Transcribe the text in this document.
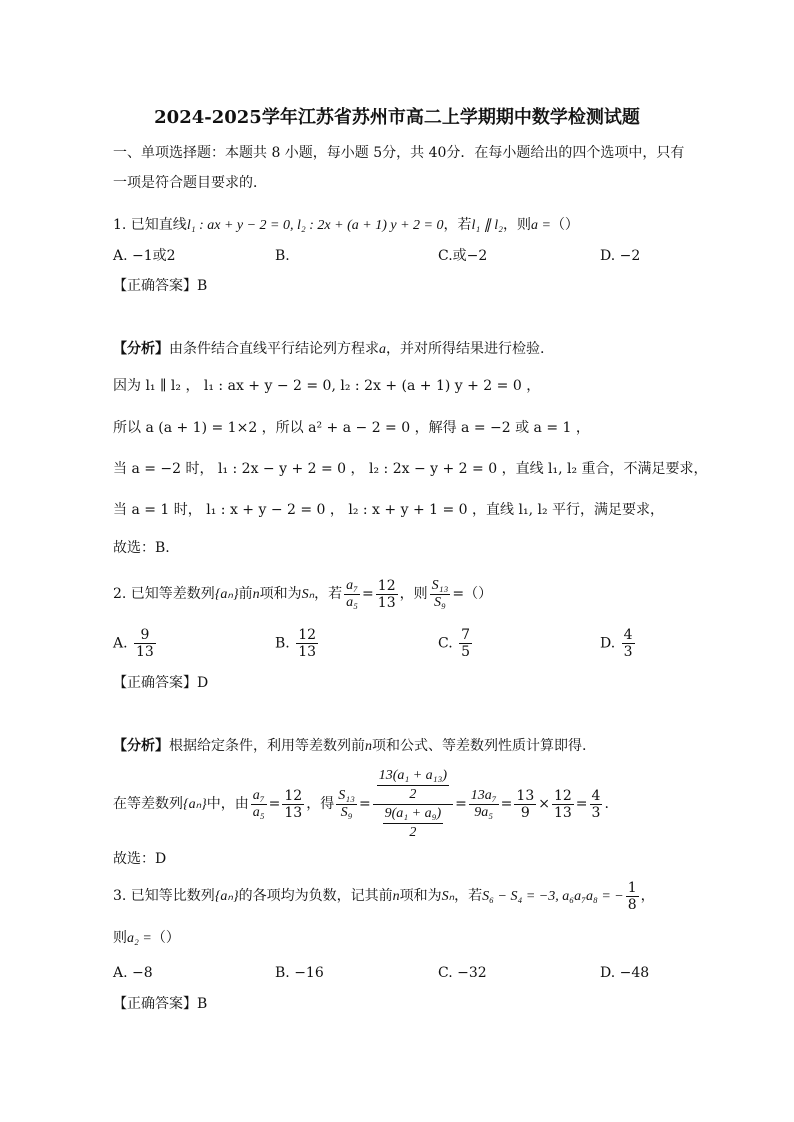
2024-2025学年江苏省苏州市高二上学期期中数学检测试题
一、单项选择题：本题共 8 小题，每小题 5分，共 40分．在每小题给出的四个选项中，只有
一项是符合题目要求的．
1. 已知直线l₁ : ax + y − 2 = 0, l₂ : 2x + (a + 1) y + 2 = 0，若l₁ ∥ l₂，则a =（）
A. −1或2	B.	C.或−2	D. −2
【正确答案】B
【分析】由条件结合直线平行结论列方程求a，并对所得结果进行检验.
因为 l₁ ∥ l₂ ， l₁ : ax + y − 2 = 0, l₂ : 2x + (a + 1) y + 2 = 0 ，
所以 a (a + 1) = 1×2 ，所以 a² + a − 2 = 0 ，解得 a = −2 或 a = 1 ，
当 a = −2 时， l₁ : 2x − y + 2 = 0 ， l₂ : 2x − y + 2 = 0 ，直线 l₁, l₂ 重合，不满足要求，
当 a = 1 时， l₁ : x + y − 2 = 0 ， l₂ : x + y + 1 = 0 ，直线 l₁, l₂ 平行，满足要求，
故选：B.
2. 已知等差数列{aₙ}前n项和为Sₙ，若 $\frac{\text{a₇}}{\text{a₅}} = \frac{12}{13}$ ，则 $\frac{\text{S₁₃}}{\text{S₉}}$ =（）
A. $\frac{9}{13}$	B. $\frac{12}{13}$	C. $\frac{7}{5}$	D. $\frac{4}{3}$
【正确答案】D
【分析】根据给定条件，利用等差数列前n项和公式、等差数列性质计算即得.
在等差数列{aₙ}中，由 $\frac{\text{a₇}}{\text{a₅}} = \frac{12}{13}$ ，得 $\frac{\text{S₁₃}}{\text{S₉}} = \frac{\frac{\text{13(a₁ + a₁₃)}}{2}}{\frac{\text{9(a₁ + a₉)}}{2}} = \frac{\text{13a₇}}{\text{9a₅}} = \frac{13}{9} \times \frac{12}{13} = \frac{4}{3}$ .
故选：D
3. 已知等比数列{aₙ}的各项均为负数，记其前n项和为Sₙ，若S₆ − S₄ = −3, a₆a₇a₈ = − $\frac{1}{8}$ ，
则a₂ =（）
A. −8	B. −16	C. −32	D. −48
【正确答案】B
